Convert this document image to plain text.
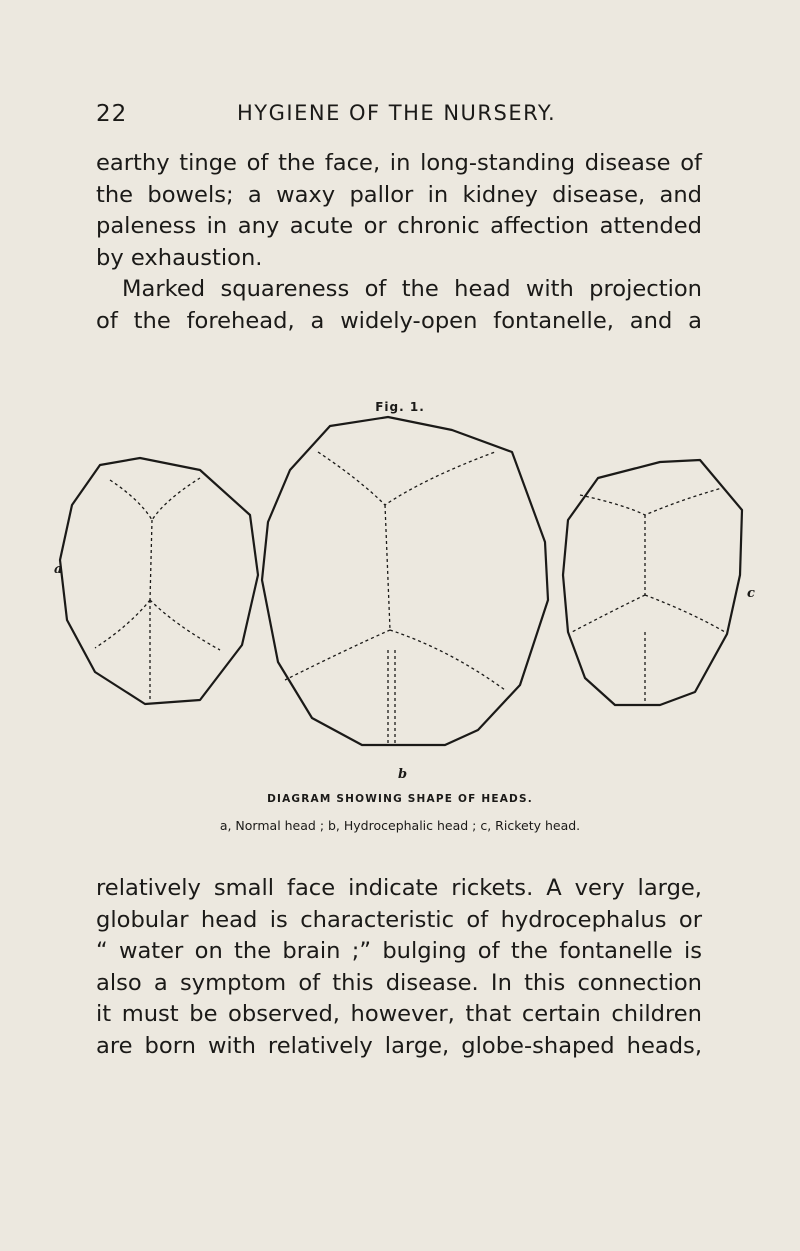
22	HYGIENE OF THE NURSERY.
earthy tinge of the face, in long-standing disease of
the bowels; a waxy pallor in kidney disease, and
paleness in any acute or chronic affection attended
by exhaustion.
Marked squareness of the head with projection
of the forehead, a widely-open fontanelle, and a
Fig. 1.
a
b
c
DIAGRAM SHOWING SHAPE OF HEADS.
a, Normal head ; b, Hydrocephalic head ; c, Rickety head.
relatively small face indicate rickets. A very large,
globular head is characteristic of hydrocephalus or
“ water on the brain ;” bulging of the fontanelle is
also a symptom of this disease. In this connection
it must be observed, however, that certain children
are born with relatively large, globe-shaped heads,
